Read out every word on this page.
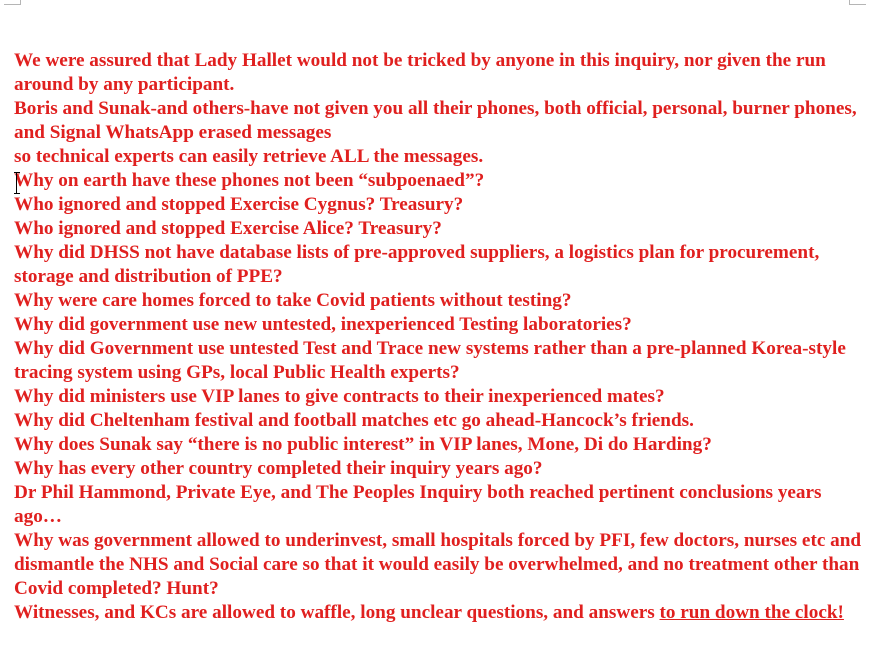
We were assured that Lady Hallet would not be tricked by anyone in this inquiry, nor given the run around by any participant.

Boris and Sunak-and others-have not given you all their phones, both official, personal, burner phones, and Signal WhatsApp erased messages

so technical experts can easily retrieve ALL the messages.

Why on earth have these phones not been “subpoenaed”?

Who ignored and stopped Exercise Cygnus? Treasury?

Who ignored and stopped Exercise Alice? Treasury?

Why did DHSS not have database lists of pre-approved suppliers, a logistics plan for procurement, storage and distribution of PPE?

Why were care homes forced to take Covid patients without testing?

Why did government use new untested, inexperienced Testing laboratories?

Why did Government use untested Test and Trace new systems rather than a pre-planned Korea-style tracing system using GPs, local Public Health experts?

Why did ministers use VIP lanes to give contracts to their inexperienced mates?

Why did Cheltenham festival and football matches etc go ahead-Hancock’s friends.

Why does Sunak say “there is no public interest” in VIP lanes, Mone, Di do Harding?

Why has every other country completed their inquiry years ago?

Dr Phil Hammond, Private Eye, and The Peoples Inquiry both reached pertinent conclusions years ago…

Why was government allowed to underinvest, small hospitals forced by PFI, few doctors, nurses etc and dismantle the NHS and Social care so that it would easily be overwhelmed, and no treatment other than Covid completed? Hunt?

Witnesses, and KCs are allowed to waffle, long unclear questions, and answers to run down the clock!
